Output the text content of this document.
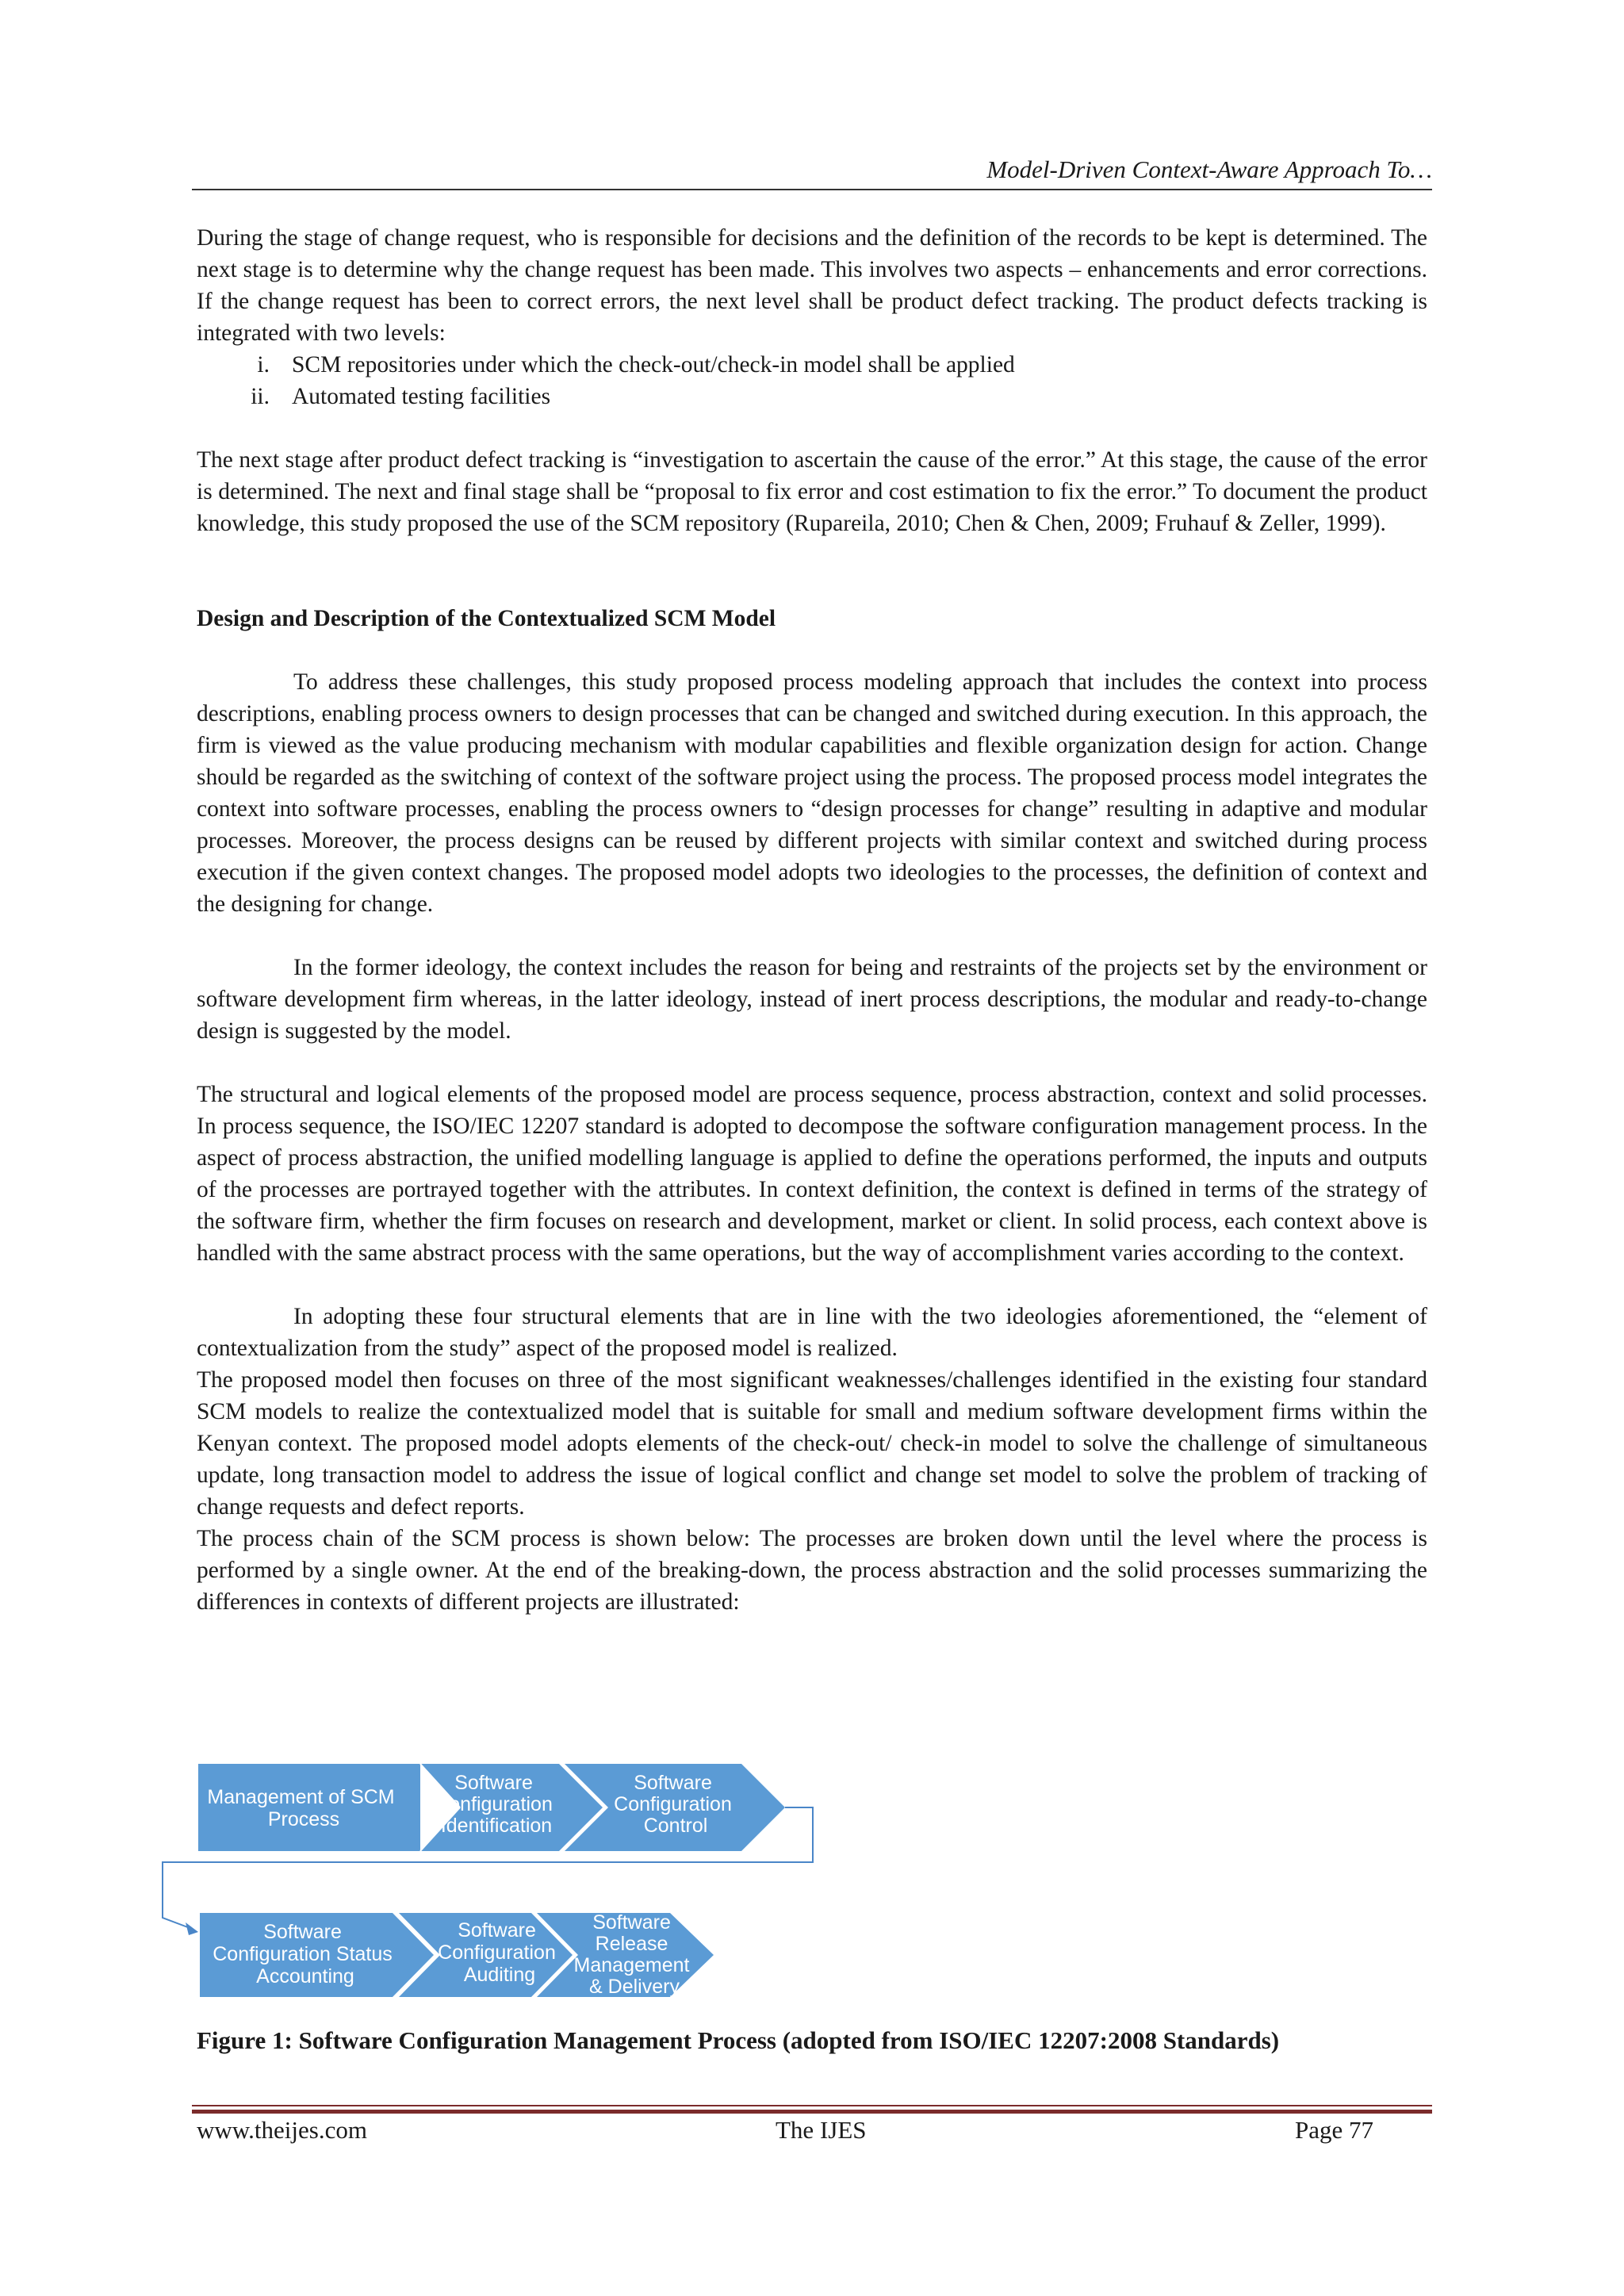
Model-Driven Context-Aware Approach To…

During the stage of change request, who is responsible for decisions and the definition of the records to be kept is determined. The next stage is to determine why the change request has been made. This involves two aspects – enhancements and error corrections. If the change request has been to correct errors, the next level shall be product defect tracking. The product defects tracking is integrated with two levels:

i. SCM repositories under which the check-out/check-in model shall be applied
ii. Automated testing facilities

The next stage after product defect tracking is “investigation to ascertain the cause of the error.” At this stage, the cause of the error is determined. The next and final stage shall be “proposal to fix error and cost estimation to fix the error.” To document the product knowledge, this study proposed the use of the SCM repository (Rupareila, 2010; Chen & Chen, 2009; Fruhauf & Zeller, 1999).

Design and Description of the Contextualized SCM Model

To address these challenges, this study proposed process modeling approach that includes the context into process descriptions, enabling process owners to design processes that can be changed and switched during execution. In this approach, the firm is viewed as the value producing mechanism with modular capabilities and flexible organization design for action. Change should be regarded as the switching of context of the software project using the process. The proposed process model integrates the context into software processes, enabling the process owners to “design processes for change” resulting in adaptive and modular processes. Moreover, the process designs can be reused by different projects with similar context and switched during process execution if the given context changes. The proposed model adopts two ideologies to the processes, the definition of context and the designing for change.

In the former ideology, the context includes the reason for being and restraints of the projects set by the environment or software development firm whereas, in the latter ideology, instead of inert process descriptions, the modular and ready-to-change design is suggested by the model.

The structural and logical elements of the proposed model are process sequence, process abstraction, context and solid processes. In process sequence, the ISO/IEC 12207 standard is adopted to decompose the software configuration management process. In the aspect of process abstraction, the unified modelling language is applied to define the operations performed, the inputs and outputs of the processes are portrayed together with the attributes. In context definition, the context is defined in terms of the strategy of the software firm, whether the firm focuses on research and development, market or client. In solid process, each context above is handled with the same abstract process with the same operations, but the way of accomplishment varies according to the context.

In adopting these four structural elements that are in line with the two ideologies aforementioned, the “element of contextualization from the study” aspect of the proposed model is realized.

The proposed model then focuses on three of the most significant weaknesses/challenges identified in the existing four standard SCM models to realize the contextualized model that is suitable for small and medium software development firms within the Kenyan context. The proposed model adopts elements of the check-out/ check-in model to solve the challenge of simultaneous update, long transaction model to address the issue of logical conflict and change set model to solve the problem of tracking of change requests and defect reports.

The process chain of the SCM process is shown below: The processes are broken down until the level where the process is performed by a single owner. At the end of the breaking-down, the process abstraction and the solid processes summarizing the differences in contexts of different projects are illustrated:

Management of SCM Process
Software Configuration Identification
Software Configuration Control
Software Configuration Status Accounting
Software Configuration Auditing
Software Release Management & Delivery

Figure 1: Software Configuration Management Process (adopted from ISO/IEC 12207:2008 Standards)

www.theijes.com	The IJES	Page 77
